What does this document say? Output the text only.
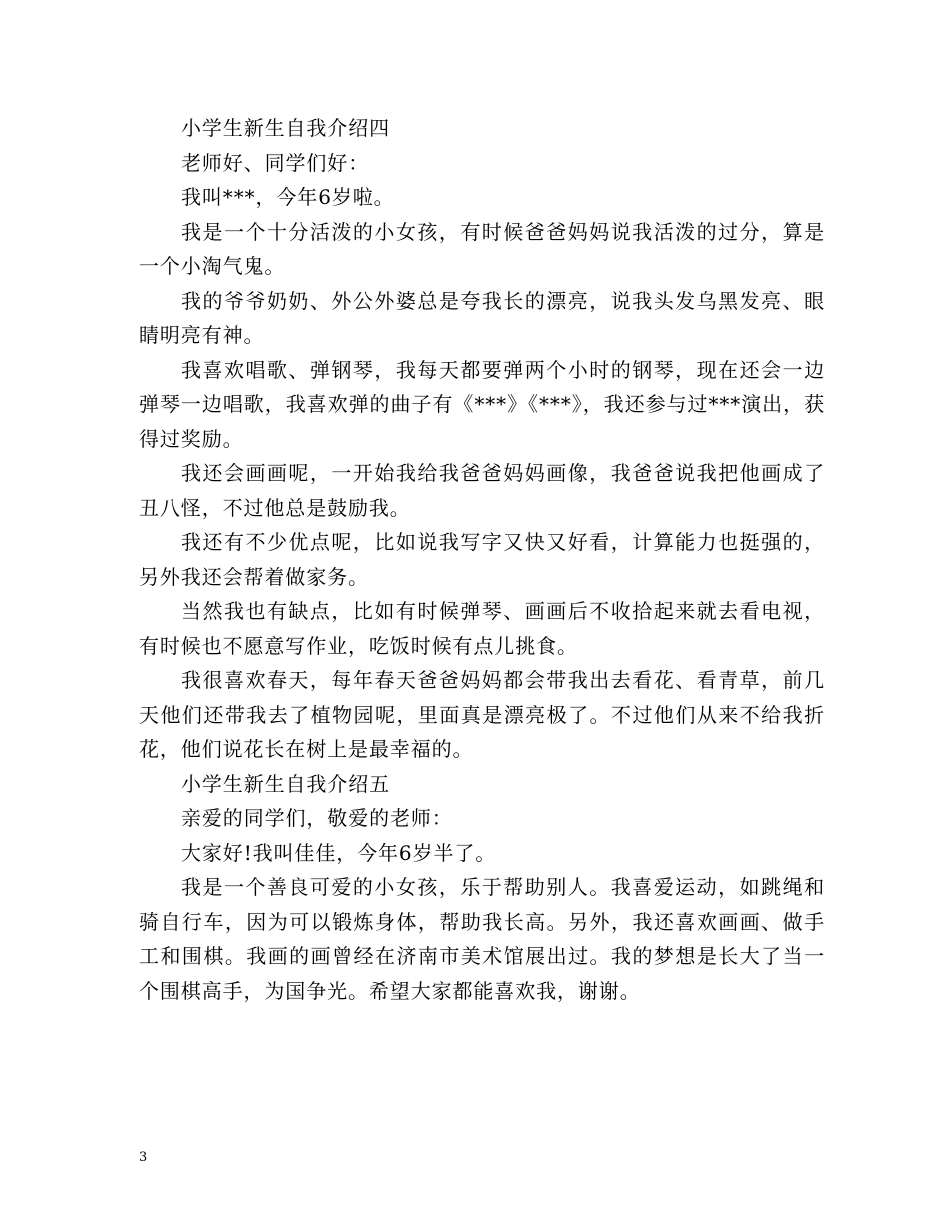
小学生新生自我介绍四

老师好、同学们好：

我叫***，今年6岁啦。

我是一个十分活泼的小女孩，有时候爸爸妈妈说我活泼的过分，算是一个小淘气鬼。

我的爷爷奶奶、外公外婆总是夸我长的漂亮，说我头发乌黑发亮、眼睛明亮有神。

我喜欢唱歌、弹钢琴，我每天都要弹两个小时的钢琴，现在还会一边弹琴一边唱歌，我喜欢弹的曲子有《***》《***》，我还参与过***演出，获得过奖励。

我还会画画呢，一开始我给我爸爸妈妈画像，我爸爸说我把他画成了丑八怪，不过他总是鼓励我。

我还有不少优点呢，比如说我写字又快又好看，计算能力也挺强的，另外我还会帮着做家务。

当然我也有缺点，比如有时候弹琴、画画后不收拾起来就去看电视，有时候也不愿意写作业，吃饭时候有点儿挑食。

我很喜欢春天，每年春天爸爸妈妈都会带我出去看花、看青草，前几天他们还带我去了植物园呢，里面真是漂亮极了。不过他们从来不给我折花，他们说花长在树上是最幸福的。

小学生新生自我介绍五

亲爱的同学们，敬爱的老师：

大家好!我叫佳佳，今年6岁半了。

我是一个善良可爱的小女孩，乐于帮助别人。我喜爱运动，如跳绳和骑自行车，因为可以锻炼身体，帮助我长高。另外，我还喜欢画画、做手工和围棋。我画的画曾经在济南市美术馆展出过。我的梦想是长大了当一个围棋高手，为国争光。希望大家都能喜欢我，谢谢。

3
